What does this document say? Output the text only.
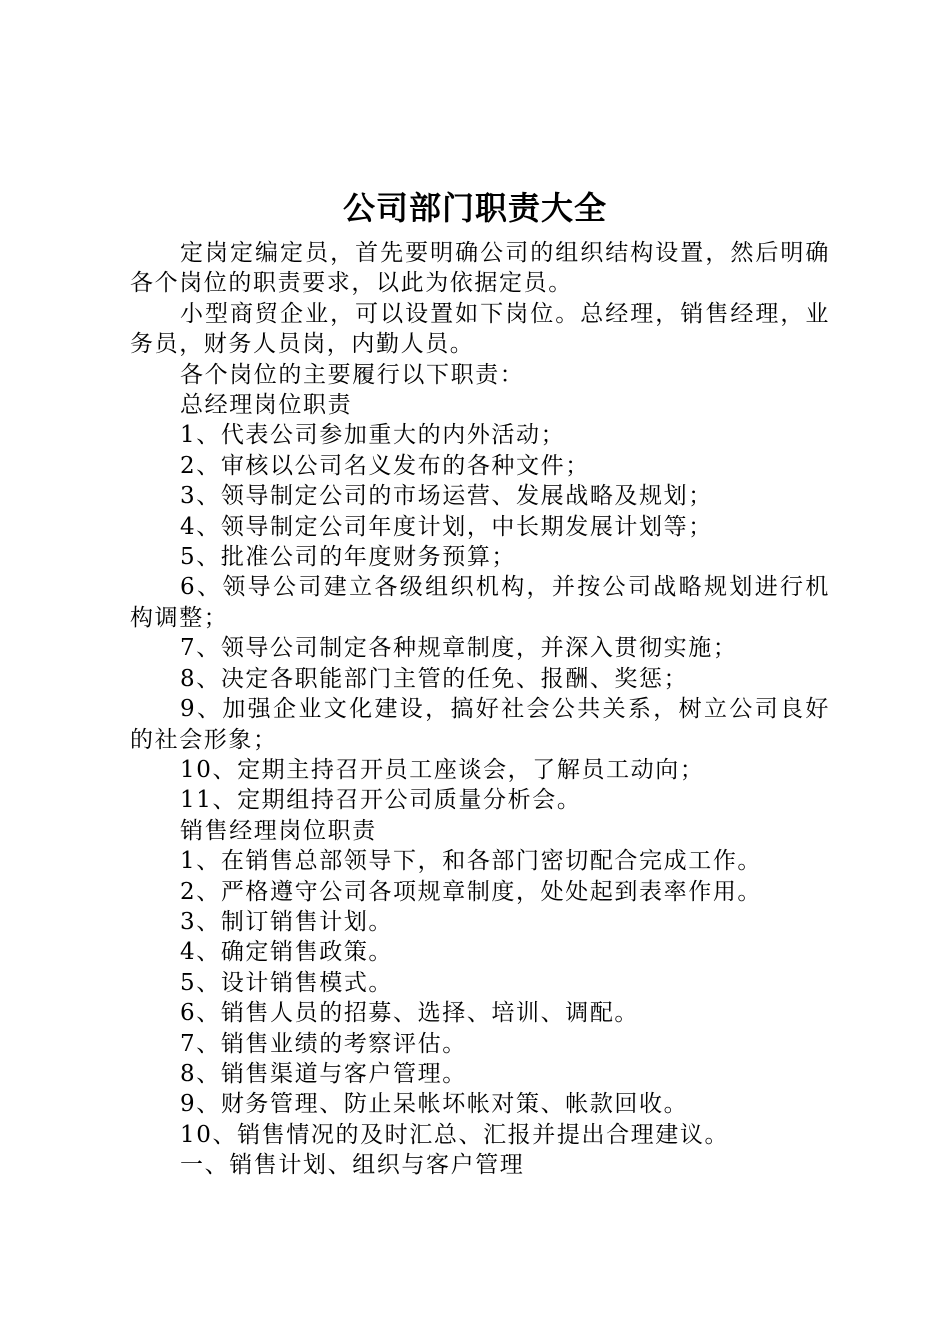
公司部门职责大全

定岗定编定员，首先要明确公司的组织结构设置，然后明确各个岗位的职责要求，以此为依据定员。

小型商贸企业，可以设置如下岗位。总经理，销售经理，业务员，财务人员岗，内勤人员。

各个岗位的主要履行以下职责：

总经理岗位职责

1、代表公司参加重大的内外活动；

2、审核以公司名义发布的各种文件；

3、领导制定公司的市场运营、发展战略及规划；

4、领导制定公司年度计划，中长期发展计划等；

5、批准公司的年度财务预算；

6、领导公司建立各级组织机构，并按公司战略规划进行机构调整；

7、领导公司制定各种规章制度，并深入贯彻实施；

8、决定各职能部门主管的任免、报酬、奖惩；

9、加强企业文化建设，搞好社会公共关系，树立公司良好的社会形象；

10、定期主持召开员工座谈会，了解员工动向；

11、定期组持召开公司质量分析会。

销售经理岗位职责

1、在销售总部领导下，和各部门密切配合完成工作。

2、严格遵守公司各项规章制度，处处起到表率作用。

3、制订销售计划。

4、确定销售政策。

5、设计销售模式。

6、销售人员的招募、选择、培训、调配。

7、销售业绩的考察评估。

8、销售渠道与客户管理。

9、财务管理、防止呆帐坏帐对策、帐款回收。

10、销售情况的及时汇总、汇报并提出合理建议。

一、销售计划、组织与客户管理
